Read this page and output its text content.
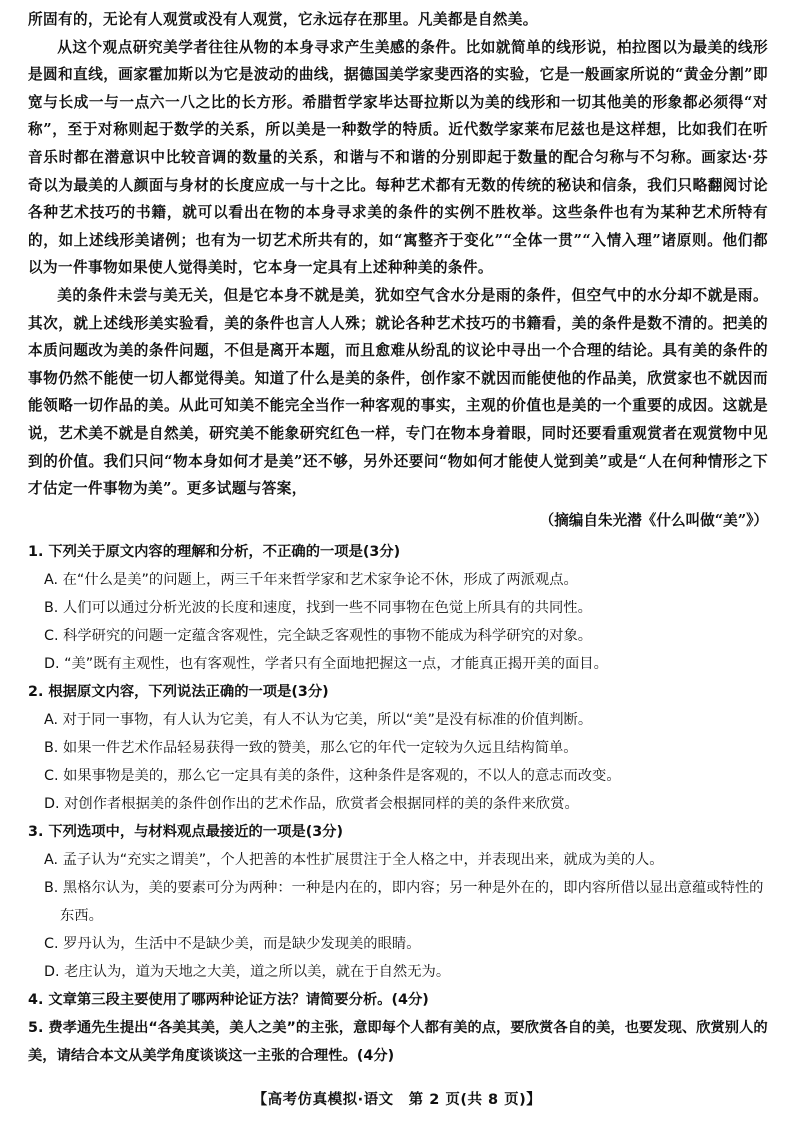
所固有的，无论有人观赏或没有人观赏，它永远存在那里。凡美都是自然美。

从这个观点研究美学者往往从物的本身寻求产生美感的条件。比如就简单的线形说，柏拉图以为最美的线形是圆和直线，画家霍加斯以为它是波动的曲线，据德国美学家斐西洛的实验，它是一般画家所说的“黄金分割”即宽与长成一与一点六一八之比的长方形。希腊哲学家毕达哥拉斯以为美的线形和一切其他美的形象都必须得“对称”，至于对称则起于数学的关系，所以美是一种数学的特质。近代数学家莱布尼兹也是这样想，比如我们在听音乐时都在潜意识中比较音调的数量的关系，和谐与不和谐的分别即起于数量的配合匀称与不匀称。画家达·芬奇以为最美的人颜面与身材的长度应成一与十之比。每种艺术都有无数的传统的秘诀和信条，我们只略翻阅讨论各种艺术技巧的书籍，就可以看出在物的本身寻求美的条件的实例不胜枚举。这些条件也有为某种艺术所特有的，如上述线形美诸例；也有为一切艺术所共有的，如“寓整齐于变化”“全体一贯”“入情入理”诸原则。他们都以为一件事物如果使人觉得美时，它本身一定具有上述种种美的条件。

美的条件未尝与美无关，但是它本身不就是美，犹如空气含水分是雨的条件，但空气中的水分却不就是雨。其次，就上述线形美实验看，美的条件也言人人殊；就论各种艺术技巧的书籍看，美的条件是数不清的。把美的本质问题改为美的条件问题，不但是离开本题，而且愈难从纷乱的议论中寻出一个合理的结论。具有美的条件的事物仍然不能使一切人都觉得美。知道了什么是美的条件，创作家不就因而能使他的作品美，欣赏家也不就因而能领略一切作品的美。从此可知美不能完全当作一种客观的事实，主观的价值也是美的一个重要的成因。这就是说，艺术美不就是自然美，研究美不能象研究红色一样，专门在物本身着眼，同时还要看重观赏者在观赏物中见到的价值。我们只问“物本身如何才是美”还不够，另外还要问“物如何才能使人觉到美”或是“人在何种情形之下才估定一件事物为美”。更多试题与答案，

（摘编自朱光潜《什么叫做“美”》）
1. 下列关于原文内容的理解和分析，不正确的一项是(3分)
A. 在“什么是美”的问题上，两三千年来哲学家和艺术家争论不休，形成了两派观点。
B. 人们可以通过分析光波的长度和速度，找到一些不同事物在色觉上所具有的共同性。
C. 科学研究的问题一定蕴含客观性，完全缺乏客观性的事物不能成为科学研究的对象。
D. “美”既有主观性，也有客观性，学者只有全面地把握这一点，才能真正揭开美的面目。
2. 根据原文内容，下列说法正确的一项是(3分)
A. 对于同一事物，有人认为它美，有人不认为它美，所以“美”是没有标准的价值判断。
B. 如果一件艺术作品轻易获得一致的赞美，那么它的年代一定较为久远且结构简单。
C. 如果事物是美的，那么它一定具有美的条件，这种条件是客观的，不以人的意志而改变。
D. 对创作者根据美的条件创作出的艺术作品，欣赏者会根据同样的美的条件来欣赏。
3. 下列选项中，与材料观点最接近的一项是(3分)
A. 孟子认为“充实之谓美”，个人把善的本性扩展贯注于全人格之中，并表现出来，就成为美的人。
B. 黑格尔认为，美的要素可分为两种：一种是内在的，即内容；另一种是外在的，即内容所借以显出意蕴或特性的东西。
C. 罗丹认为，生活中不是缺少美，而是缺少发现美的眼睛。
D. 老庄认为，道为天地之大美，道之所以美，就在于自然无为。
4. 文章第三段主要使用了哪两种论证方法？请简要分析。(4分)
5. 费孝通先生提出“各美其美，美人之美”的主张，意即每个人都有美的点，要欣赏各自的美，也要发现、欣赏别人的美，请结合本文从美学角度谈谈这一主张的合理性。(4分)
【高考仿真模拟·语文　第 2 页(共 8 页)】
